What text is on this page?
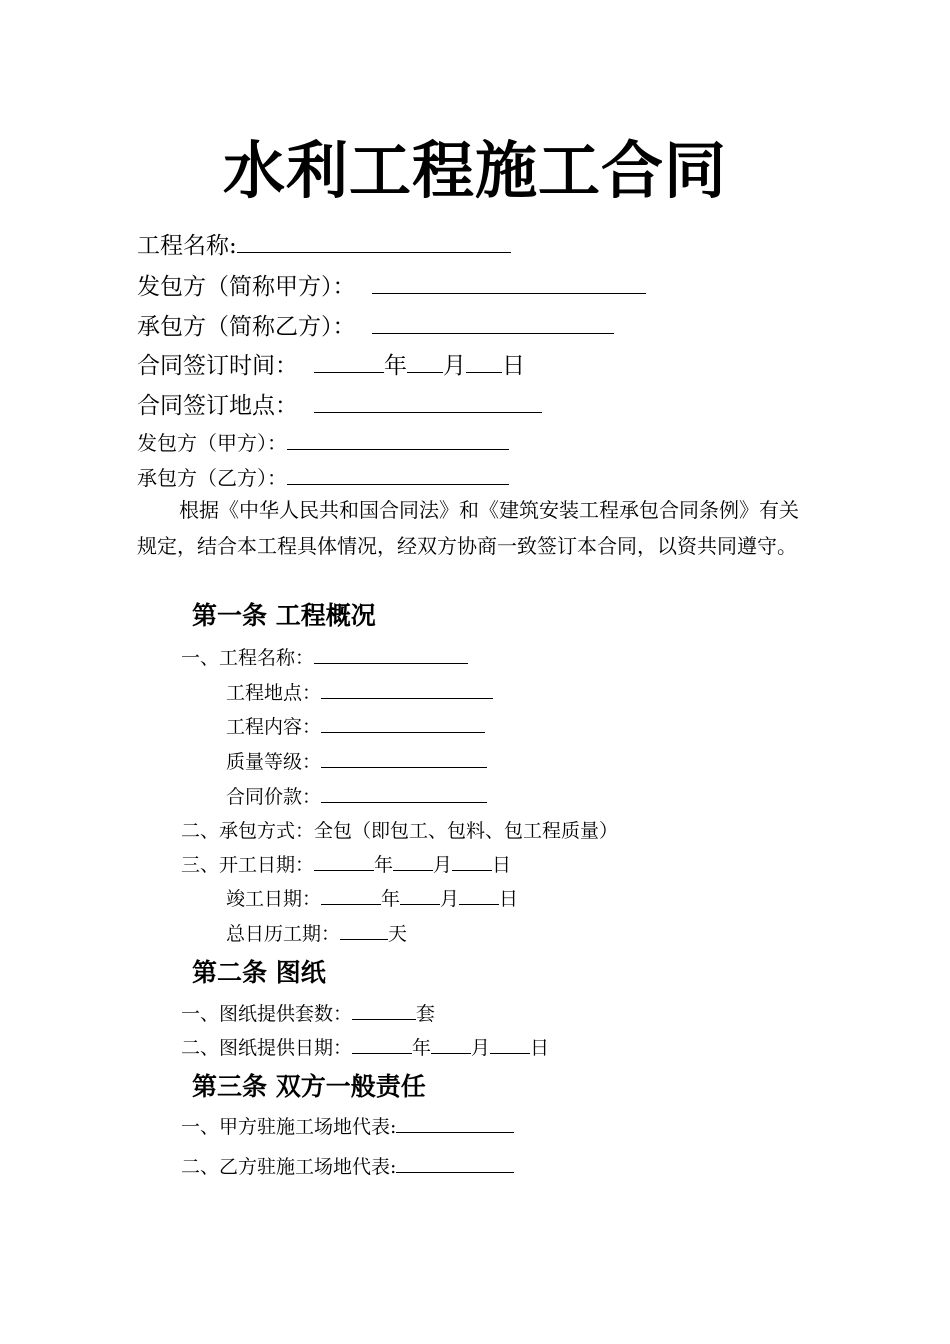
水利工程施工合同
工程名称:
发包方（简称甲方）：
承包方（简称乙方）：
合同签订时间：	年 月 日
合同签订地点：
发包方（甲方）：
承包方（乙方）：
根据《中华人民共和国合同法》和《建筑安装工程承包合同条例》有关规定，结合本工程具体情况，经双方协商一致签订本合同，以资共同遵守。
第一条 工程概况
一、工程名称：
工程地点：
工程内容：
质量等级：
合同价款：
二、承包方式：全包（即包工、包料、包工程质量）
三、开工日期：	年 月 日
竣工日期：	年 月 日
总日历工期：	天
第二条 图纸
一、图纸提供套数：	套
二、图纸提供日期：	年 月 日
第三条 双方一般责任
一、甲方驻施工场地代表:
二、乙方驻施工场地代表:
